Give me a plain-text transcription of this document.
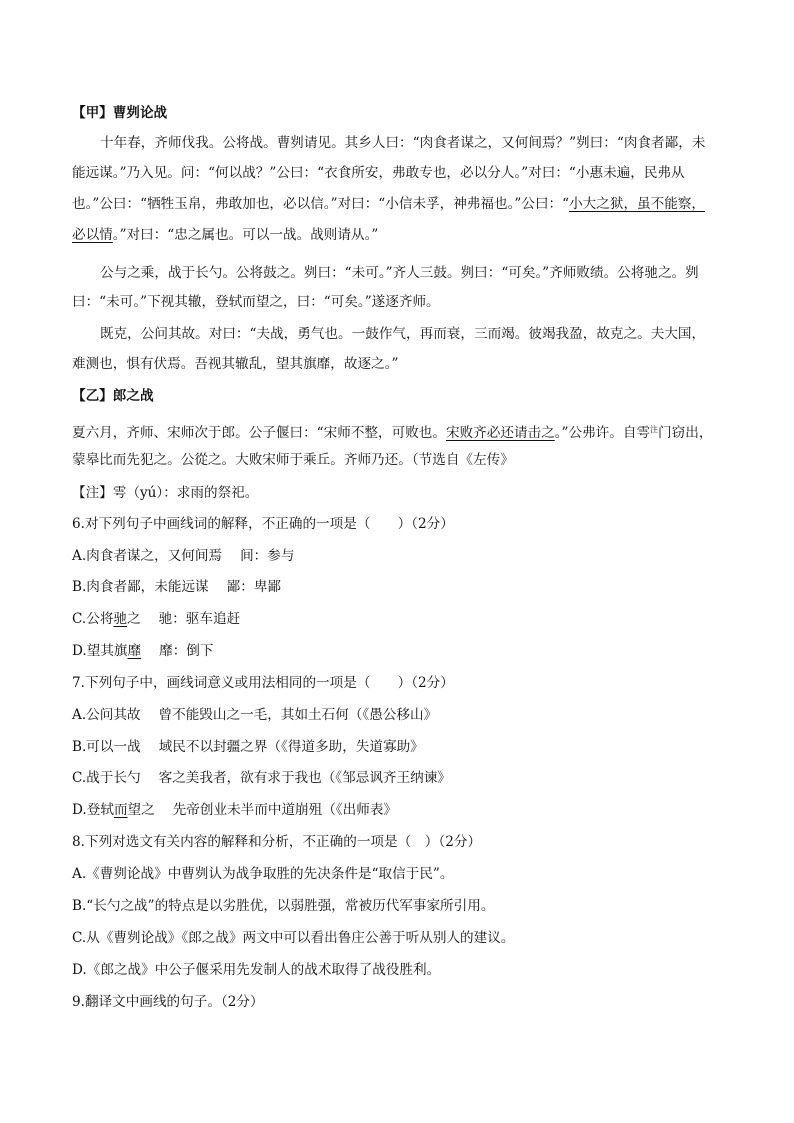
【甲】曹刿论战
十年春，齐师伐我。公将战。曹刿请见。其乡人曰：“肉食者谋之，又何间焉？”刿曰：“肉食者鄙，未
能远谋。”乃入见。问：“何以战？”公曰：“衣食所安，弗敢专也，必以分人。”对曰：“小惠未遍，民弗从
也。”公曰：“牺牲玉帛，弗敢加也，必以信。”对曰：“小信未孚，神弗福也。”公曰：“小大之狱，虽不能察，
必以情。”对曰：“忠之属也。可以一战。战则请从。”
公与之乘，战于长勺。公将鼓之。刿曰：“未可。”齐人三鼓。刿曰：“可矣。”齐师败绩。公将驰之。刿
曰：“未可。”下视其辙，登轼而望之，曰：“可矣。”遂逐齐师。
既克，公问其故。对曰：“夫战，勇气也。一鼓作气，再而衰，三而竭。彼竭我盈，故克之。夫大国，
难测也，惧有伏焉。吾视其辙乱，望其旗靡，故逐之。”
【乙】郎之战
夏六月，齐师、宋师次于郎。公子偃曰：“宋师不整，可败也。宋败齐必还请击之。”公弗许。自雩$^注$门窃出，
蒙皋比而先犯之。公從之。大败宋师于乘丘。齐师乃还。（节选自《左传》
【注】雩（yú）：求雨的祭祀。
6.对下列句子中画线词的解释，不正确的一项是（　　）（2分）
A.肉食者谋之，又何间焉 间：参与
B.肉食者鄙，未能远谋 鄙：卑鄙
C.公将驰之 驰：驱车追赶
D.望其旗靡 靡：倒下
7.下列句子中，画线词意义或用法相同的一项是（　　）（2分）
A.公问其故 曾不能毁山之一毛，其如土石何（《愚公移山》
B.可以一战 域民不以封疆之界（《得道多助，失道寡助》
C.战于长勺 客之美我者，欲有求于我也（《邹忌讽齐王纳谏》
D.登轼而望之 先帝创业未半而中道崩殂（《出师表》
8.下列对选文有关内容的解释和分析，不正确的一项是（　）（2分）
A.《曹刿论战》中曹刿认为战争取胜的先决条件是“取信于民”。
B.“长勺之战”的特点是以劣胜优，以弱胜强，常被历代军事家所引用。
C.从《曹刿论战》《郎之战》两文中可以看出鲁庄公善于听从别人的建议。
D.《郎之战》中公子偃采用先发制人的战术取得了战役胜利。
9.翻译文中画线的句子。（2分）
